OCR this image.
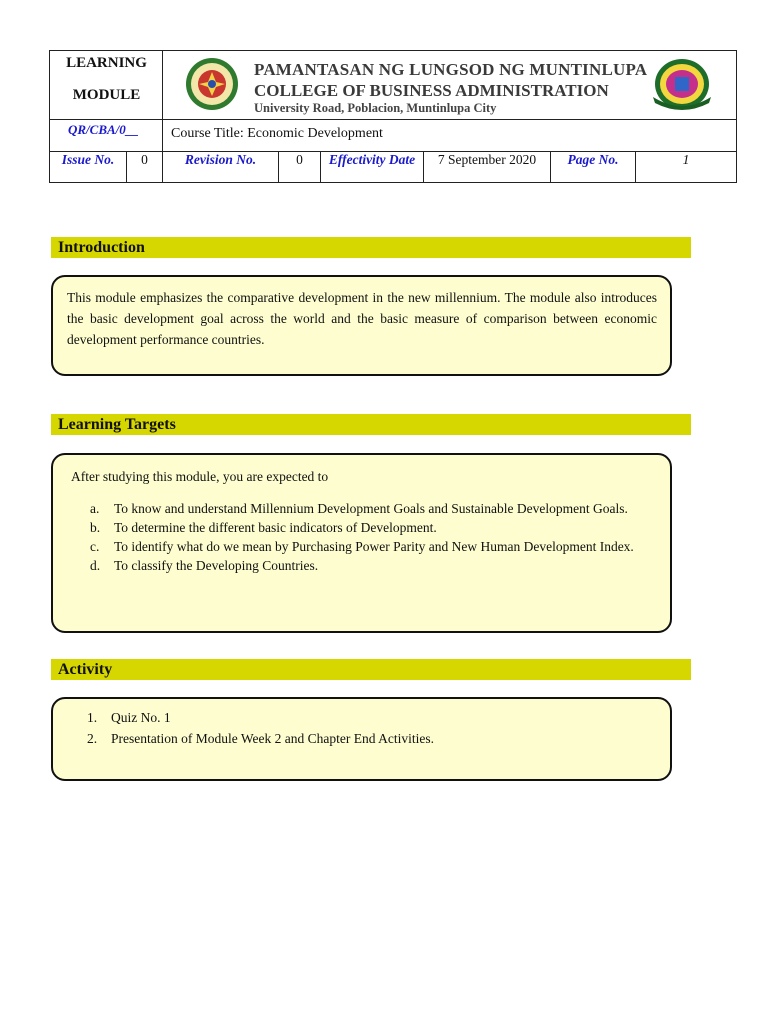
LEARNING
MODULE
PAMANTASAN NG LUNGSOD NG MUNTINLUPA
COLLEGE OF BUSINESS ADMINISTRATION
University Road, Poblacion, Muntinlupa City
QR/CBA/0__ Course Title: Economic Development
Issue No.	0	Revision No.	0	Effectivity Date	7 September 2020	Page No.	1
Introduction
This module emphasizes the comparative development in the new millennium. The module also introduces the basic development goal across the world and the basic measure of comparison between economic development performance countries.
Learning Targets
After studying this module, you are expected to
a. To know and understand Millennium Development Goals and Sustainable Development Goals.
b. To determine the different basic indicators of Development.
c. To identify what do we mean by Purchasing Power Parity and New Human Development Index.
d. To classify the Developing Countries.
Activity
1. Quiz No. 1
2. Presentation of Module Week 2 and Chapter End Activities.
